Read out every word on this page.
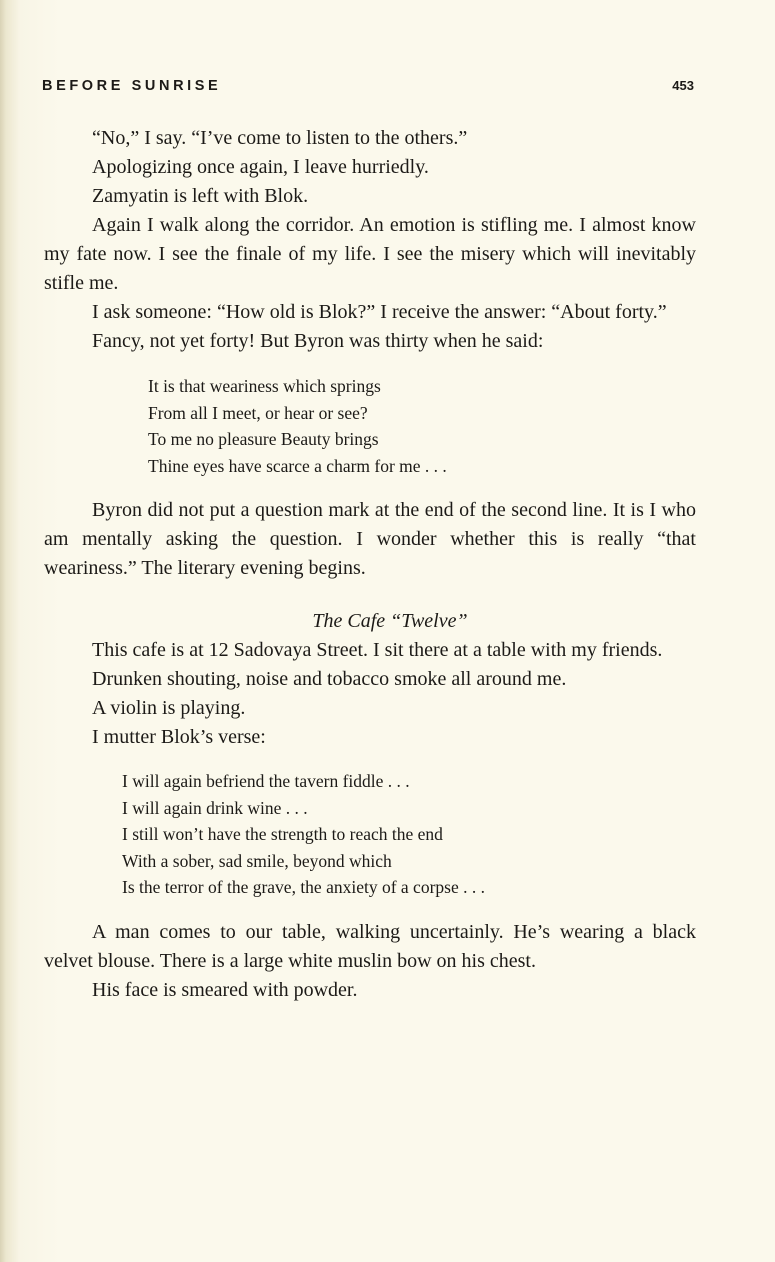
BEFORE SUNRISE	453

“No,” I say. “I’ve come to listen to the others.”

Apologizing once again, I leave hurriedly.

Zamyatin is left with Blok.

Again I walk along the corridor. An emotion is stifling me. I almost know my fate now. I see the finale of my life. I see the misery which will inevitably stifle me.

I ask someone: “How old is Blok?” I receive the answer: “About forty.”

Fancy, not yet forty! But Byron was thirty when he said:

It is that weariness which springs
From all I meet, or hear or see?
To me no pleasure Beauty brings
Thine eyes have scarce a charm for me . . .

Byron did not put a question mark at the end of the second line. It is I who am mentally asking the question. I wonder whether this is really “that weariness.” The literary evening begins.

The Cafe “Twelve”

This cafe is at 12 Sadovaya Street. I sit there at a table with my friends.

Drunken shouting, noise and tobacco smoke all around me.

A violin is playing.

I mutter Blok’s verse:

I will again befriend the tavern fiddle . . .
I will again drink wine . . .
I still won’t have the strength to reach the end
With a sober, sad smile, beyond which
Is the terror of the grave, the anxiety of a corpse . . .

A man comes to our table, walking uncertainly. He’s wearing a black velvet blouse. There is a large white muslin bow on his chest.

His face is smeared with powder.
